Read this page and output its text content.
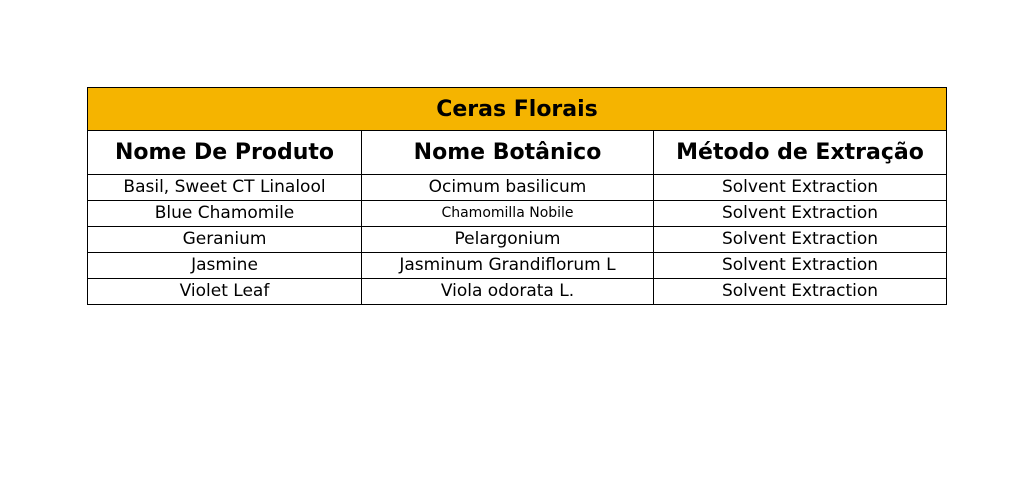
Ceras Florais		
Nome De Produto	Nome Botânico	Método de Extração
Basil, Sweet CT Linalool	Ocimum basilicum	Solvent Extraction
Blue Chamomile	Chamomilla Nobile	Solvent Extraction
Geranium	Pelargonium	Solvent Extraction
Jasmine	Jasminum Grandiflorum L	Solvent Extraction
Violet Leaf	Viola odorata L.	Solvent Extraction
